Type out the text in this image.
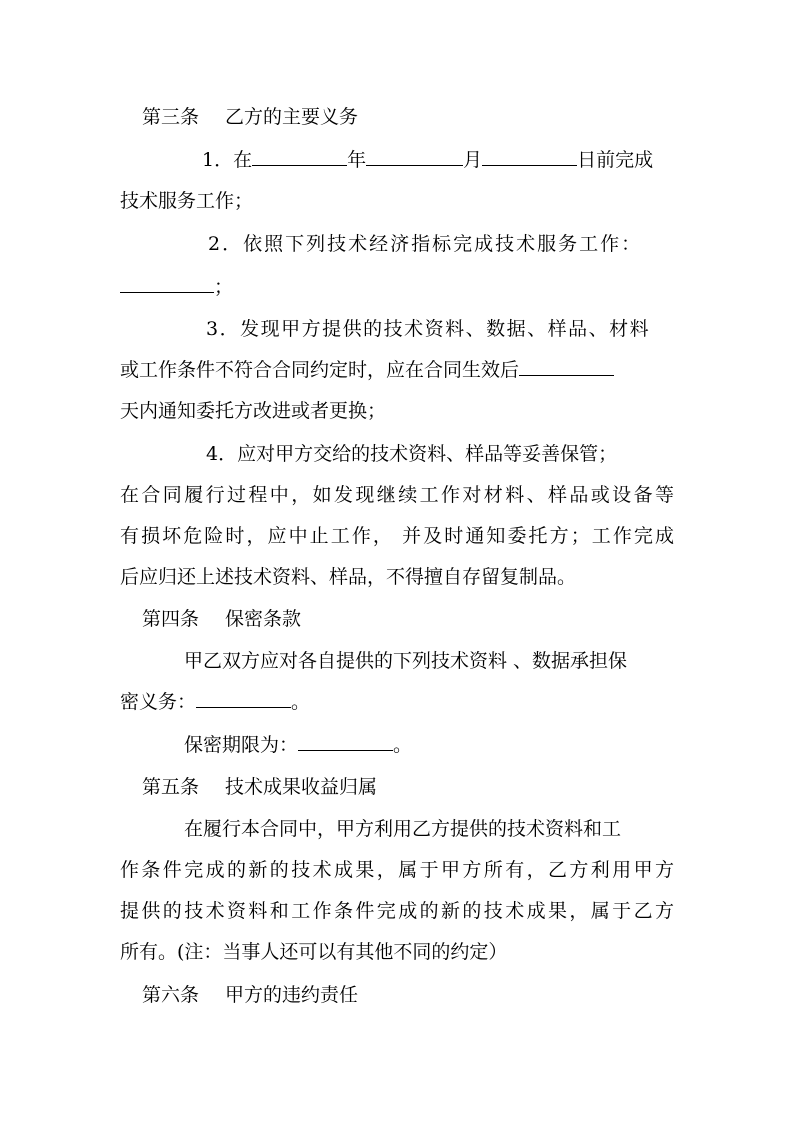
第三条 乙方的主要义务

1．在	年	月	日前完成

技术服务工作；

2．依照下列技术经济指标完成技术服务工作：

；

3．发现甲方提供的技术资料、数据、样品、材料

或工作条件不符合合同约定时，应在合同生效后

天内通知委托方改进或者更换；

4．应对甲方交给的技术资料、样品等妥善保管；

在合同履行过程中，如发现继续工作对材料、样品或设备等

有损坏危险时，应中止工作， 并及时通知委托方；工作完成

后应归还上述技术资料、样品，不得擅自存留复制品。

第四条 保密条款

甲乙双方应对各自提供的下列技术资料 、数据承担保

密义务：	。

保密期限为：	。

第五条 技术成果收益归属

在履行本合同中，甲方利用乙方提供的技术资料和工

作条件完成的新的技术成果，属于甲方所有，乙方利用甲方

提供的技术资料和工作条件完成的新的技术成果，属于乙方

所有。(注：当事人还可以有其他不同的约定）

第六条 甲方的违约责任
